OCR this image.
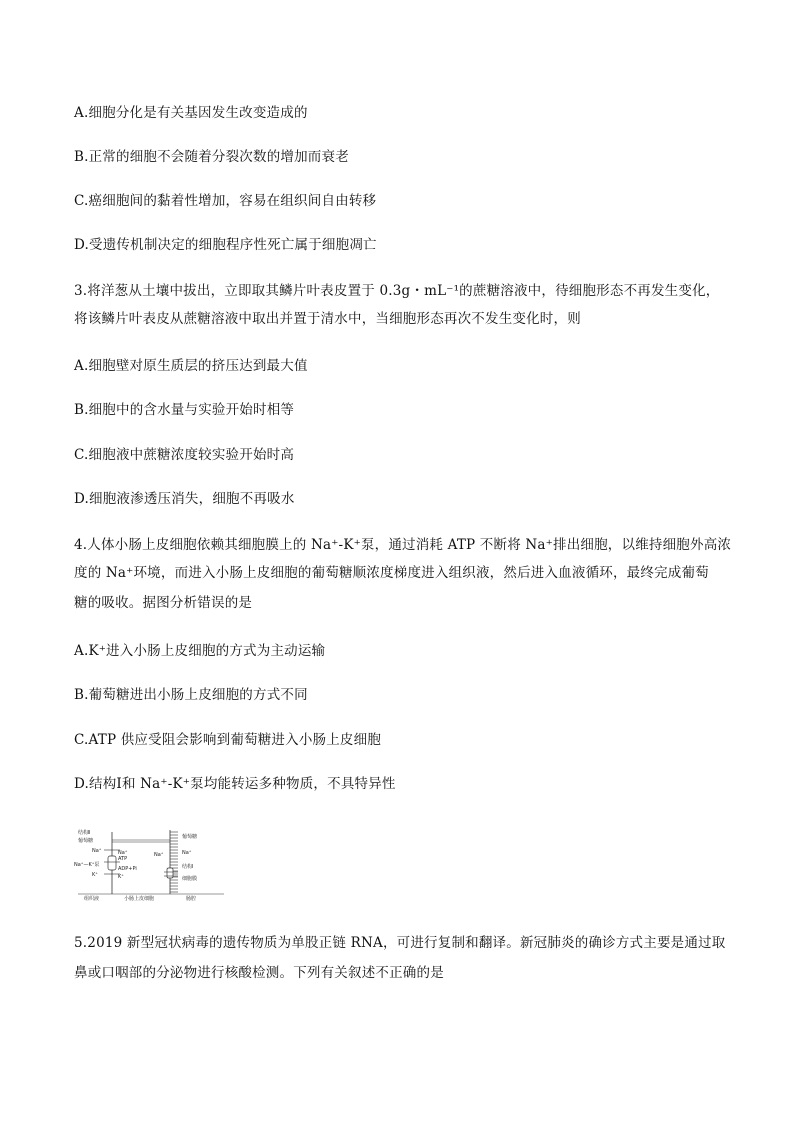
A.细胞分化是有关基因发生改变造成的

B.正常的细胞不会随着分裂次数的增加而衰老

C.癌细胞间的黏着性增加，容易在组织间自由转移

D.受遗传机制决定的细胞程序性死亡属于细胞凋亡

3.将洋葱从土壤中拔出，立即取其鳞片叶表皮置于 0.3g・mL⁻¹的蔗糖溶液中，待细胞形态不再发生变化，

将该鳞片叶表皮从蔗糖溶液中取出并置于清水中，当细胞形态再次不发生变化时，则

A.细胞壁对原生质层的挤压达到最大值

B.细胞中的含水量与实验开始时相等

C.细胞液中蔗糖浓度较实验开始时高

D.细胞液渗透压消失，细胞不再吸水

4.人体小肠上皮细胞依赖其细胞膜上的 Na⁺-K⁺泵，通过消耗 ATP 不断将 Na⁺排出细胞，以维持细胞外高浓

度的 Na⁺环境，而进入小肠上皮细胞的葡萄糖顺浓度梯度进入组织液，然后进入血液循环，最终完成葡萄

糖的吸收。据图分析错误的是

A.K⁺进入小肠上皮细胞的方式为主动运输

B.葡萄糖进出小肠上皮细胞的方式不同

C.ATP 供应受阻会影响到葡萄糖进入小肠上皮细胞

D.结构Ⅰ和 Na⁺-K⁺泵均能转运多种物质，不具特异性

结构Ⅱ
葡萄糖
Na⁺
Na⁺—K⁺泵
K⁺
Na⁺
ATP
ADP+Pi
K⁺
Na⁺
葡萄糖
Na⁺
结构Ⅰ
细胞膜
组织液	小肠上皮细胞	肠腔

5.2019 新型冠状病毒的遗传物质为单股正链 RNA，可进行复制和翻译。新冠肺炎的确诊方式主要是通过取

鼻或口咽部的分泌物进行核酸检测。下列有关叙述不正确的是
